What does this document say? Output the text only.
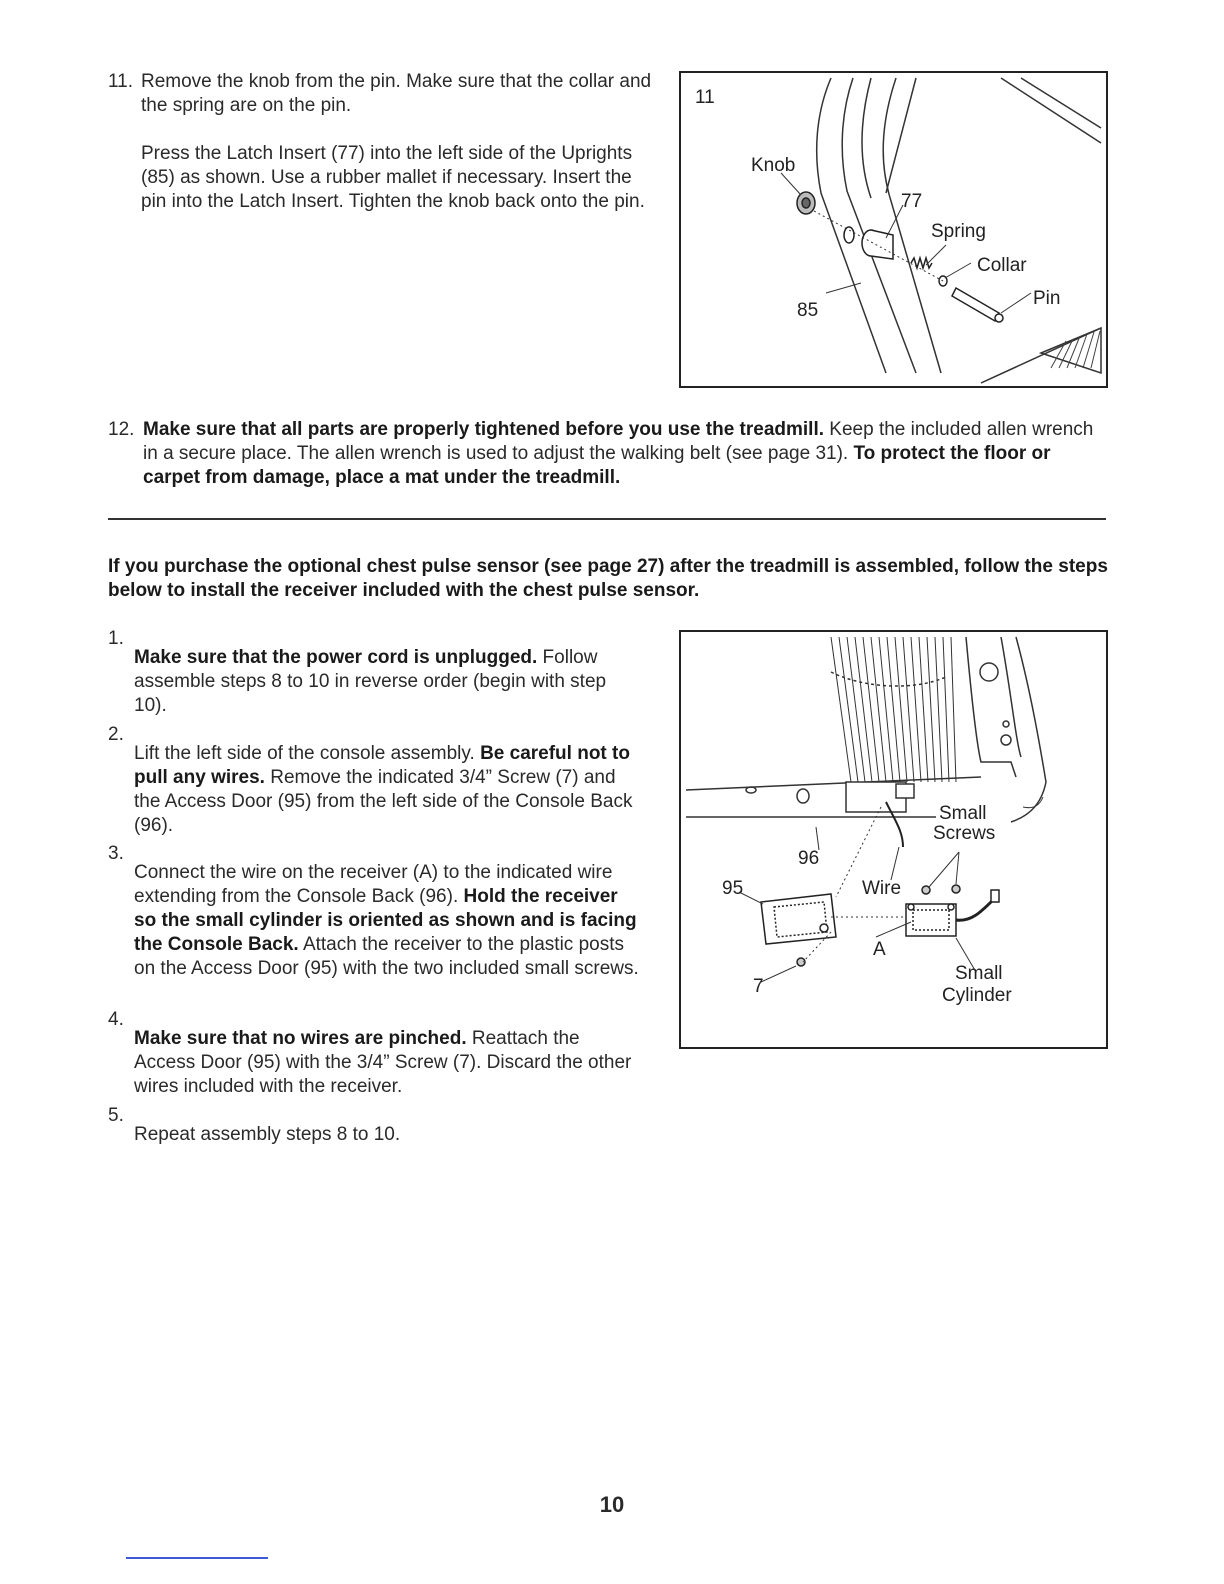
11. Remove the knob from the pin. Make sure that the collar and the spring are on the pin.

Press the Latch Insert (77) into the left side of the Uprights (85) as shown. Use a rubber mallet if necessary. Insert the pin into the Latch Insert. Tighten the knob back onto the pin.

11
Knob
77
Spring
Collar
Pin
85
12. Make sure that all parts are properly tightened before you use the treadmill. Keep the included allen wrench in a secure place. The allen wrench is used to adjust the walking belt (see page 31). To protect the floor or carpet from damage, place a mat under the treadmill.

If you purchase the optional chest pulse sensor (see page 27) after the treadmill is assembled, follow the steps below to install the receiver included with the chest pulse sensor.

1.

Make sure that the power cord is unplugged. Follow assemble steps 8 to 10 in reverse order (begin with step 10).

2.

Lift the left side of the console assembly. Be careful not to pull any wires. Remove the indicated 3/4” Screw (7) and the Access Door (95) from the left side of the Console Back (96).

3.

Connect the wire on the receiver (A) to the indicated wire extending from the Console Back (96). Hold the receiver so the small cylinder is oriented as shown and is facing the Console Back. Attach the receiver to the plastic posts on the Access Door (95) with the two included small screws.

4.

Make sure that no wires are pinched. Reattach the Access Door (95) with the 3/4” Screw (7). Discard the other wires included with the receiver.

5.

Repeat assembly steps 8 to 10.

Small
Screws
96
95	Wire
A
7
Small
Cylinder
10
